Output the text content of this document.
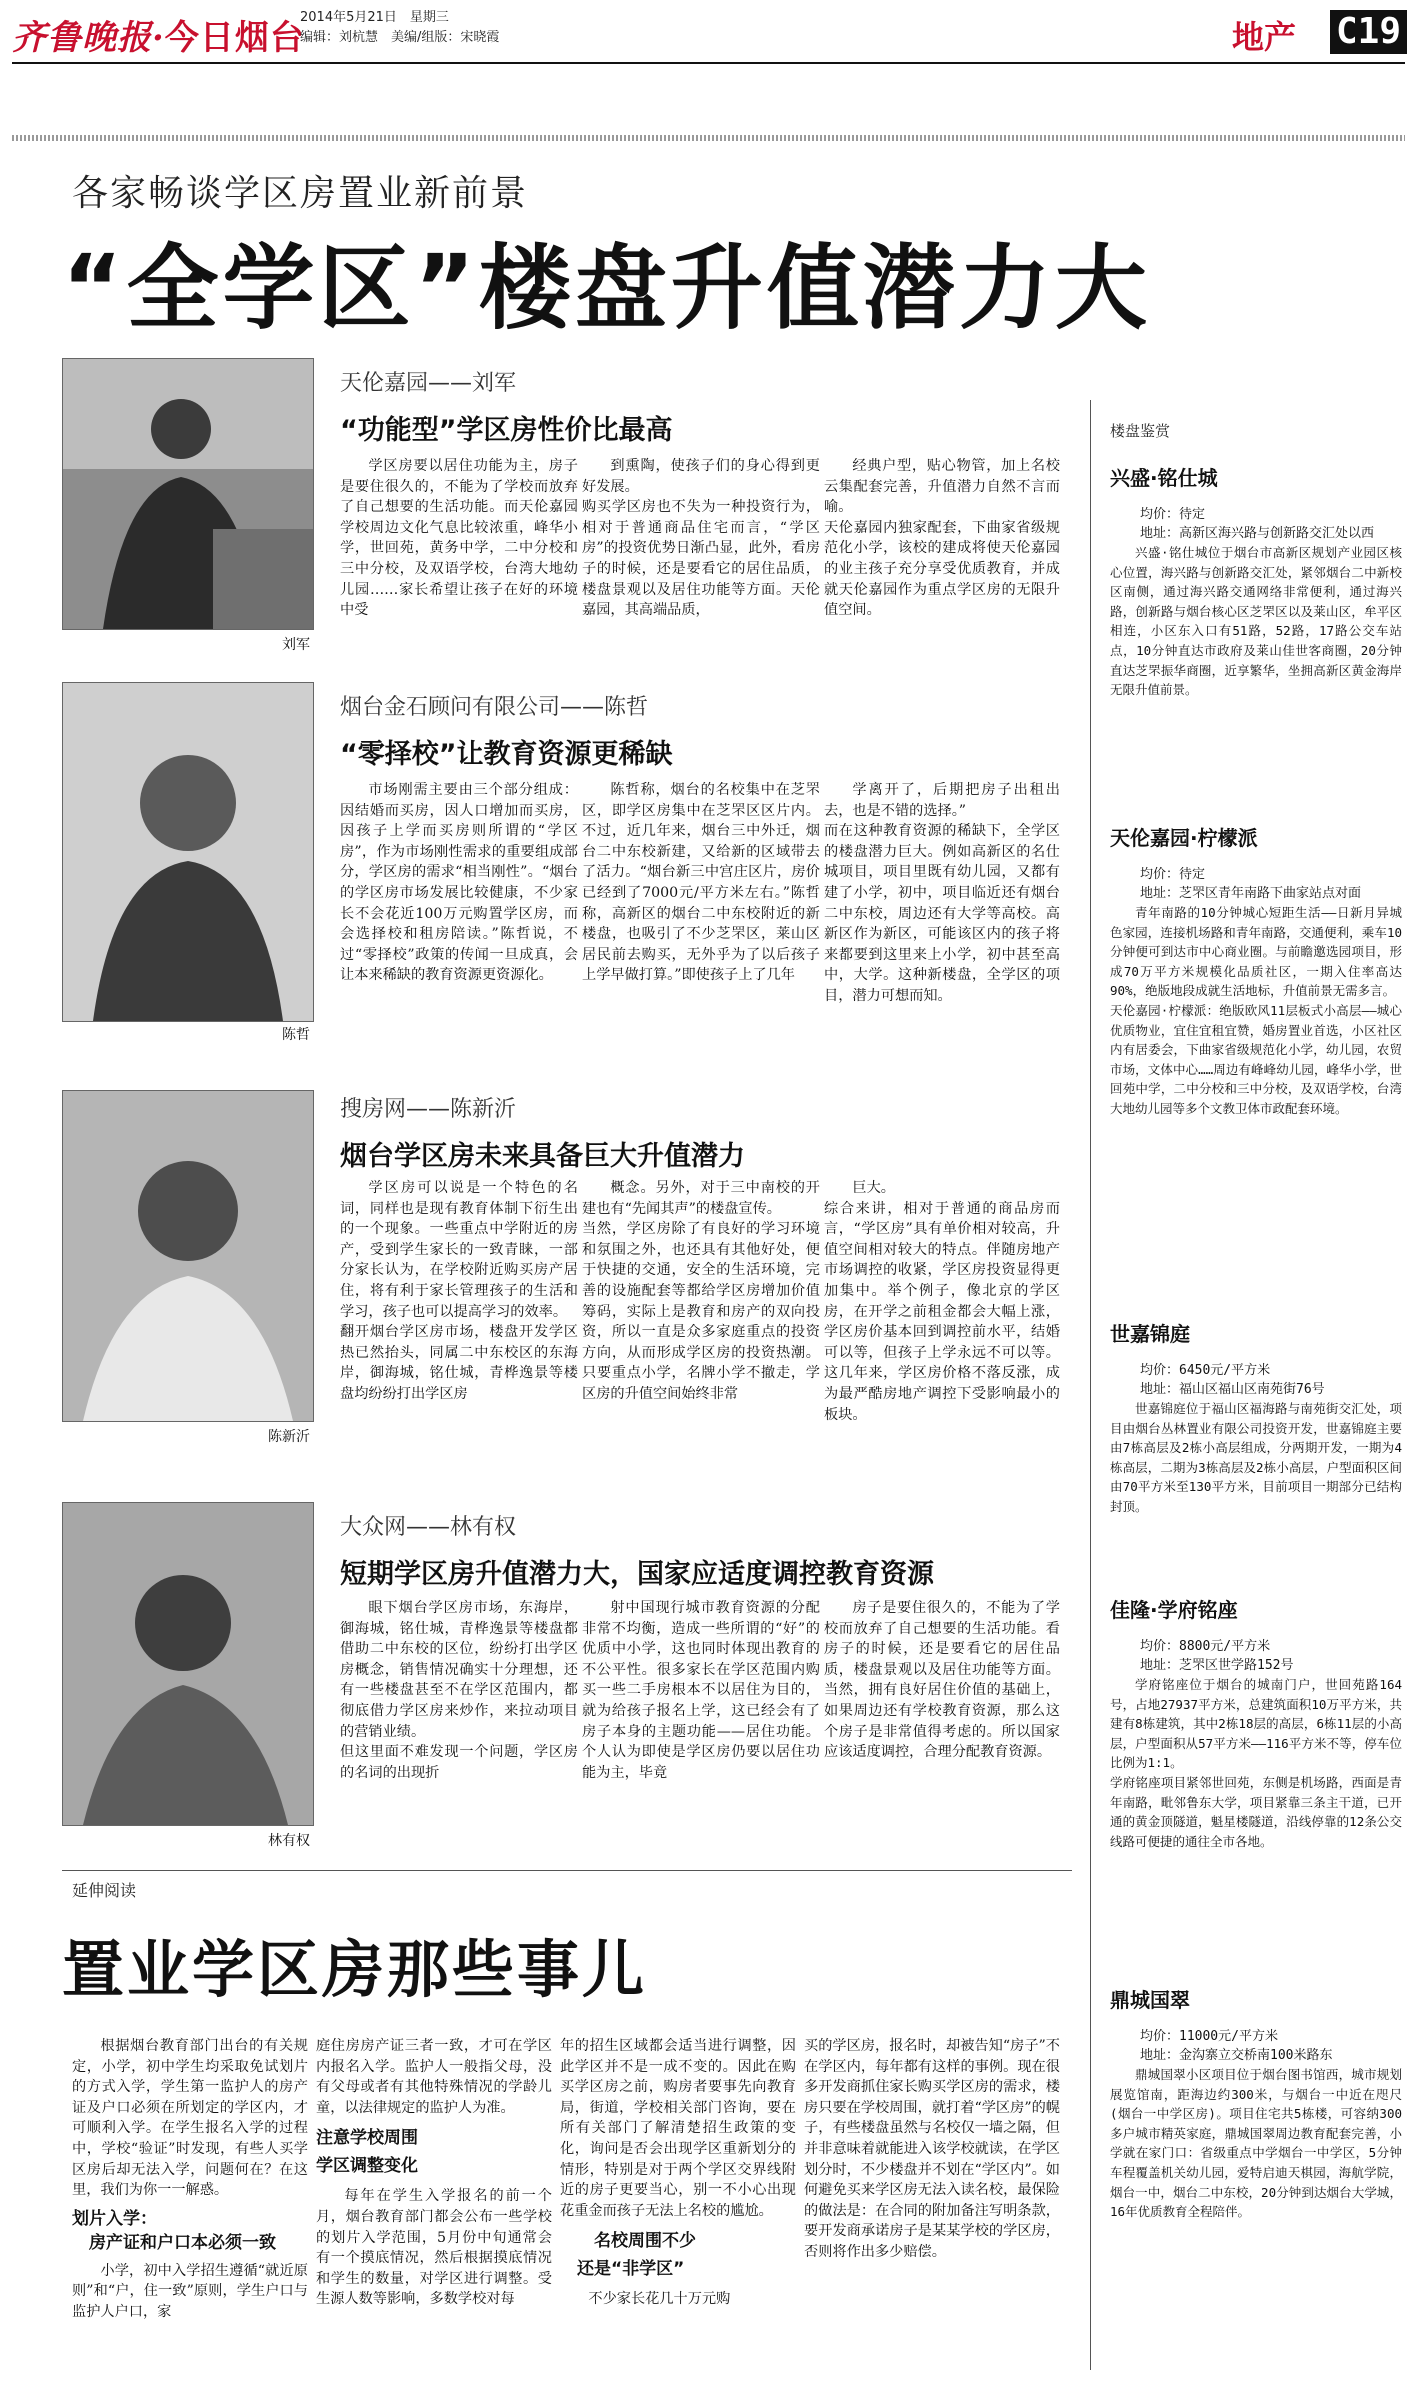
齐鲁晚报·今日烟台
2014年5月21日　星期三
编辑：刘杭慧　美编/组版：宋晓霞	地产 C19
各家畅谈学区房置业新前景
“全学区”楼盘升值潜力大
刘军
天伦嘉园——刘军
“功能型”学区房性价比最高
学区房要以居住功能为主，房子是要住很久的，不能为了学校而放弃了自己想要的生活功能。而天伦嘉园学校周边文化气息比较浓重，峰华小学，世回苑，黄务中学，二中分校和三中分校，及双语学校，台湾大地幼儿园……家长希望让孩子在好的环境中受
到熏陶，使孩子们的身心得到更好发展。
购买学区房也不失为一种投资行为，相对于普通商品住宅而言，“学区房”的投资优势日渐凸显，此外，看房子的时候，还是要看它的居住品质，楼盘景观以及居住功能等方面。天伦嘉园，其高端品质，
经典户型，贴心物管，加上名校云集配套完善，升值潜力自然不言而喻。
天伦嘉园内独家配套，下曲家省级规范化小学，该校的建成将使天伦嘉园的业主孩子充分享受优质教育，并成就天伦嘉园作为重点学区房的无限升值空间。
陈哲
烟台金石顾问有限公司——陈哲
“零择校”让教育资源更稀缺
市场刚需主要由三个部分组成：因结婚而买房，因人口增加而买房，因孩子上学而买房则所谓的“学区房”，作为市场刚性需求的重要组成部分，学区房的需求“相当刚性”。“烟台的学区房市场发展比较健康，不少家长不会花近100万元购置学区房，而会选择校和租房陪读。”陈哲说，不过“零择校”政策的传闻一旦成真，会让本来稀缺的教育资源更资源化。
陈哲称，烟台的名校集中在芝罘区，即学区房集中在芝罘区区片内。不过，近几年来，烟台三中外迁，烟台二中东校新建，又给新的区域带去了活力。“烟台新三中宫庄区片，房价已经到了7000元/平方米左右。”陈哲称，高新区的烟台二中东校附近的新楼盘，也吸引了不少芝罘区，莱山区居民前去购买，无外乎为了以后孩子上学早做打算。”即使孩子上了几年
学离开了，后期把房子出租出去，也是不错的选择。”
而在这种教育资源的稀缺下，全学区的楼盘潜力巨大。例如高新区的名仕城项目，项目里既有幼儿园，又都有建了小学，初中，项目临近还有烟台二中东校，周边还有大学等高校。高新区作为新区，可能该区内的孩子将来都要到这里来上小学，初中甚至高中，大学。这种新楼盘，全学区的项目，潜力可想而知。
陈新沂
搜房网——陈新沂
烟台学区房未来具备巨大升值潜力
学区房可以说是一个特色的名词，同样也是现有教育体制下衍生出的一个现象。一些重点中学附近的房产，受到学生家长的一致青睐，一部分家长认为，在学校附近购买房产居住，将有利于家长管理孩子的生活和学习，孩子也可以提高学习的效率。
翻开烟台学区房市场，楼盘开发学区热已然抬头，同属二中东校区的东海岸，御海城，铭仕城，青桦逸景等楼盘均纷纷打出学区房
概念。另外，对于三中南校的开建也有“先闻其声”的楼盘宣传。
当然，学区房除了有良好的学习环境和氛围之外，也还具有其他好处，便于快捷的交通，安全的生活环境，完善的设施配套等都给学区房增加价值筹码，实际上是教育和房产的双向投资，所以一直是众多家庭重点的投资方向，从而形成学区房的投资热潮。只要重点小学，名牌小学不撤走，学区房的升值空间始终非常
巨大。
综合来讲，相对于普通的商品房而言，“学区房”具有单价相对较高，升值空间相对较大的特点。伴随房地产市场调控的收紧，学区房投资显得更加集中。举个例子，像北京的学区房，在开学之前租金都会大幅上涨，学区房价基本回到调控前水平，结婚可以等，但孩子上学永远不可以等。这几年来，学区房价格不落反涨，成为最严酷房地产调控下受影响最小的板块。
林有权
大众网——林有权
短期学区房升值潜力大，国家应适度调控教育资源
眼下烟台学区房市场，东海岸，御海城，铭仕城，青桦逸景等楼盘都借助二中东校的区位，纷纷打出学区房概念，销售情况确实十分理想，还有一些楼盘甚至不在学区范围内，都彻底借力学区房来炒作，来拉动项目的营销业绩。
但这里面不难发现一个问题，学区房的名词的出现折
射中国现行城市教育资源的分配非常不均衡，造成一些所谓的“好”的优质中小学，这也同时体现出教育的不公平性。很多家长在学区范围内购买一些二手房根本不以居住为目的，就为给孩子报名上学，这已经会有了房子本身的主题功能——居住功能。个人认为即使是学区房仍要以居住功能为主，毕竟
房子是要住很久的，不能为了学校而放弃了自己想要的生活功能。看房子的时候，还是要看它的居住品质，楼盘景观以及居住功能等方面。当然，拥有良好居住价值的基础上，如果周边还有学校教育资源，那么这个房子是非常值得考虑的。所以国家应该适度调控，合理分配教育资源。
楼盘鉴赏
兴盛·铭仕城
均价：待定
地址：高新区海兴路与创新路交汇处以西
兴盛·铭仕城位于烟台市高新区规划产业园区核心位置，海兴路与创新路交汇处，紧邻烟台二中新校区南侧，通过海兴路交通网络非常便利，通过海兴路，创新路与烟台核心区芝罘区以及莱山区，牟平区相连，小区东入口有51路，52路，17路公交车站点，10分钟直达市政府及莱山佳世客商圈，20分钟直达芝罘振华商圈，近享繁华，坐拥高新区黄金海岸无限升值前景。
天伦嘉园·柠檬派
均价：待定
地址：芝罘区青年南路下曲家站点对面
青年南路的10分钟城心短距生活——日新月异城色家园，连接机场路和青年南路，交通便利，乘车10分钟便可到达市中心商业圈。与前瞻邀选园项目，形成70万平方米规模化品质社区，一期入住率高达90%，绝版地段成就生活地标，升值前景无需多言。
天伦嘉园·柠檬派：绝版欧风11层板式小高层——城心优质物业，宜住宜租宜赞，婚房置业首选，小区社区内有居委会，下曲家省级规范化小学，幼儿园，农贸市场，文体中心……周边有峰峰幼儿园，峰华小学，世回苑中学，二中分校和三中分校，及双语学校，台湾大地幼儿园等多个文教卫体市政配套环境。
世嘉锦庭
均价：6450元/平方米
地址：福山区福山区南苑街76号
世嘉锦庭位于福山区福海路与南苑街交汇处，项目由烟台丛林置业有限公司投资开发，世嘉锦庭主要由7栋高层及2栋小高层组成，分两期开发，一期为4栋高层，二期为3栋高层及2栋小高层，户型面积区间由70平方米至130平方米，目前项目一期部分已结构封顶。
佳隆·学府铭座
均价：8800元/平方米
地址：芝罘区世学路152号
学府铭座位于烟台的城南门户，世回苑路164号，占地27937平方米，总建筑面积10万平方米，共建有8栋建筑，其中2栋18层的高层，6栋11层的小高层，户型面积从57平方米——116平方米不等，停车位比例为1:1。
学府铭座项目紧邻世回苑，东侧是机场路，西面是青年南路，毗邻鲁东大学，项目紧靠三条主干道，已开通的黄金顶隧道，魁星楼隧道，沿线停靠的12条公交线路可便捷的通往全市各地。
鼎城国翠
均价：11000元/平方米
地址：金沟寨立交桥南100米路东
鼎城国翠小区项目位于烟台图书馆西，城市规划展览馆南，距海边约300米，与烟台一中近在咫尺(烟台一中学区房)。项目住宅共5栋楼，可容纳300多户城市精英家庭，鼎城国翠周边教育配套完善，小学就在家门口：省级重点中学烟台一中学区，5分钟车程覆盖机关幼儿园，爱特启迪天棋园，海航学院，烟台一中，烟台二中东校，20分钟到达烟台大学城，16年优质教育全程陪伴。
延伸阅读
置业学区房那些事儿
根据烟台教育部门出台的有关规定，小学，初中学生均采取免试划片的方式入学，学生第一监护人的房产证及户口必须在所划定的学区内，才可顺利入学。在学生报名入学的过程中，学校“验证”时发现，有些人买学区房后却无法入学，问题何在？在这里，我们为你一一解惑。
划片入学：
房产证和户口本必须一致
小学，初中入学招生遵循“就近原则”和“户，住一致”原则，学生户口与监护人户口，家
庭住房房产证三者一致，才可在学区内报名入学。监护人一般指父母，没有父母或者有其他特殊情况的学龄儿童，以法律规定的监护人为准。
注意学校周围
学区调整变化
每年在学生入学报名的前一个月，烟台教育部门都会公布一些学校的划片入学范围，5月份中旬通常会有一个摸底情况，然后根据摸底情况和学生的数量，对学区进行调整。受生源人数等影响，多数学校对每
年的招生区域都会适当进行调整，因此学区并不是一成不变的。因此在购买学区房之前，购房者要事先向教育局，街道，学校相关部门咨询，要在所有关部门了解清楚招生政策的变化，询问是否会出现学区重新划分的情形，特别是对于两个学区交界线附近的房子更要当心，别一不小心出现花重金而孩子无法上名校的尴尬。
名校周围不少
还是“非学区”
不少家长花几十万元购
买的学区房，报名时，却被告知“房子”不在学区内，每年都有这样的事例。现在很多开发商抓住家长购买学区房的需求，楼房只要在学校周围，就打着“学区房”的幌子，有些楼盘虽然与名校仅一墙之隔，但并非意味着就能进入该学校就读，在学区划分时，不少楼盘并不划在“学区内”。如何避免买来学区房无法入读名校，最保险的做法是：在合同的附加备注写明条款，要开发商承诺房子是某某学校的学区房，否则将作出多少赔偿。
